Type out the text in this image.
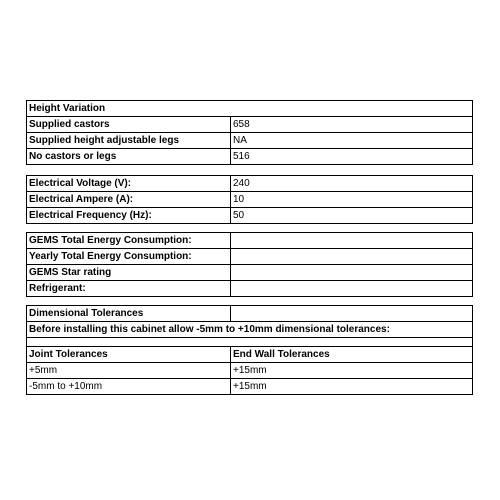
Height Variation	
Supplied castors	658
Supplied height adjustable legs	NA
No castors or legs	516
Electrical Voltage (V):	240
Electrical Ampere (A):	10
Electrical Frequency (Hz):	50
GEMS Total Energy Consumption:	
Yearly Total Energy Consumption:	
GEMS Star rating	
Refrigerant:	
Dimensional Tolerances	
Before installing this cabinet allow -5mm to +10mm dimensional tolerances:	

Joint Tolerances	End Wall Tolerances
+5mm	+15mm
-5mm to +10mm	+15mm
